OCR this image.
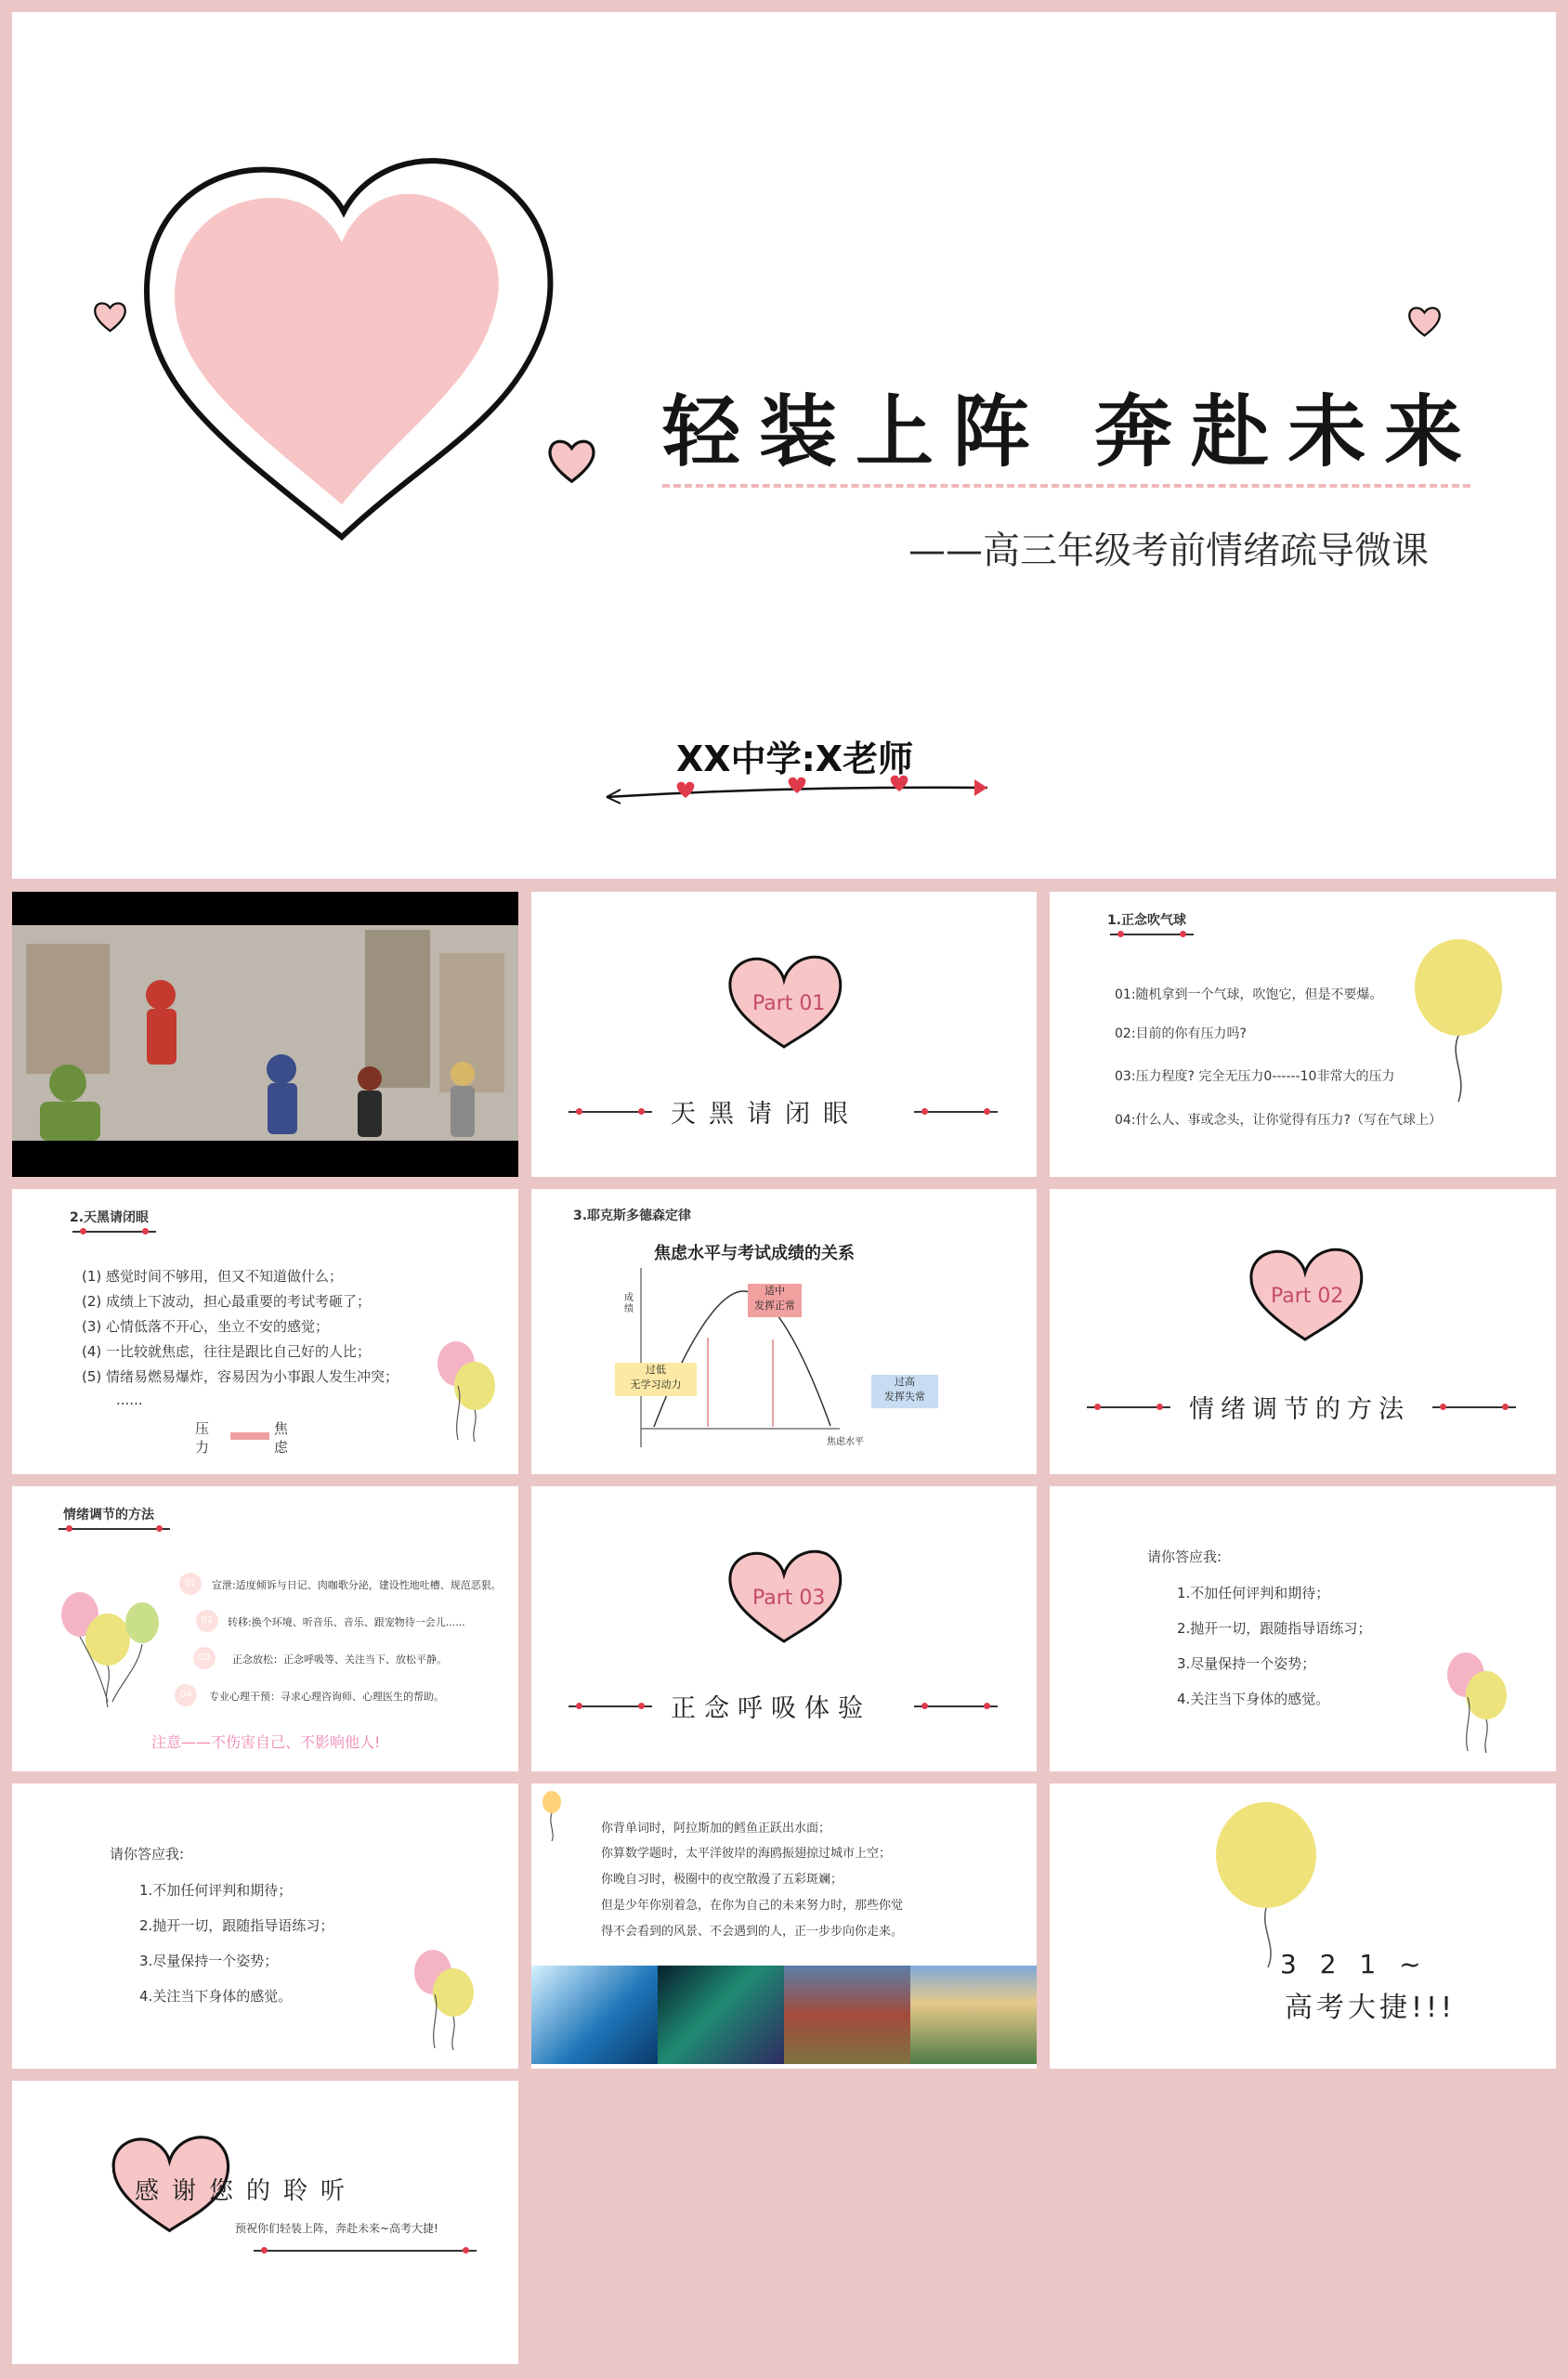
轻装上阵 奔赴未来
——高三年级考前情绪疏导微课
XX中学:X老师
Part 01
天黑请闭眼
1.正念吹气球
01:随机拿到一个气球，吹饱它，但是不要爆。
02:目前的你有压力吗?
03:压力程度? 完全无压力0------10非常大的压力
04:什么人、事或念头，让你觉得有压力?（写在气球上）
2.天黑请闭眼
(1) 感觉时间不够用，但又不知道做什么；
(2) 成绩上下波动，担心最重要的考试考砸了；
(3) 心情低落不开心，坐立不安的感觉；
(4) 一比较就焦虑，往往是跟比自己好的人比；
(5) 情绪易燃易爆炸，容易因为小事跟人发生冲突；
......
压力
焦虑
3.耶克斯多德森定律
焦虑水平与考试成绩的关系
成绩
焦虑水平
过低
无学习动力
适中
发挥正常
过高
发挥失常
Part 02
情绪调节的方法
情绪调节的方法
01	宣泄:适度倾诉与日记、肉咖歌分泌，建设性地吐槽、规范恶狠。
02	转移:换个环境、听音乐、音乐、跟宠物待一会儿......
03	正念放松：正念呼吸等、关注当下、放松平静。
04	专业心理干预：寻求心理咨询师、心理医生的帮助。
注意——不伤害自己、不影响他人!
Part 03
正念呼吸体验
请你答应我:
1.不加任何评判和期待；
2.抛开一切，跟随指导语练习；
3.尽量保持一个姿势；
4.关注当下身体的感觉。
请你答应我:
1.不加任何评判和期待；
2.抛开一切，跟随指导语练习；
3.尽量保持一个姿势；
4.关注当下身体的感觉。
你背单词时，阿拉斯加的鳕鱼正跃出水面；
你算数学题时，太平洋彼岸的海鸥振翅掠过城市上空；
你晚自习时，极圈中的夜空散漫了五彩斑斓；
但是少年你别着急，在你为自己的未来努力时，那些你觉
得不会看到的风景、不会遇到的人，正一步步向你走来。
3 2 1 ~
高考大捷!!!
感谢您的聆听
预祝你们轻装上阵，奔赴未来~高考大捷!
